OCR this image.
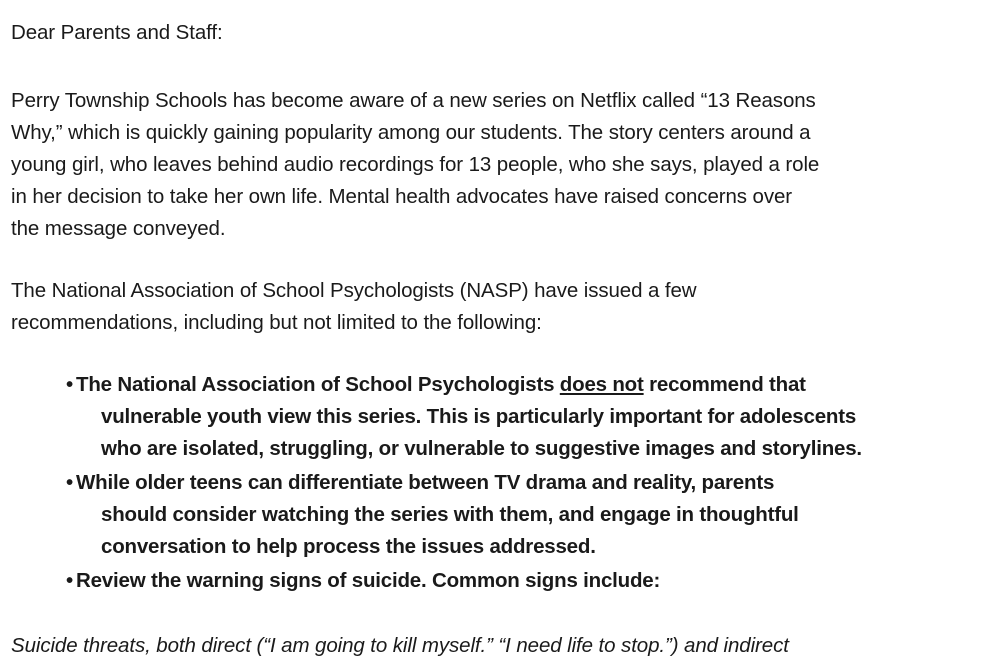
Dear Parents and Staff:
Perry Township Schools has become aware of a new series on Netflix called “13 Reasons
Why,” which is quickly gaining popularity among our students. The story centers around a
young girl, who leaves behind audio recordings for 13 people, who she says, played a role
in her decision to take her own life. Mental health advocates have raised concerns over
the message conveyed.
The National Association of School Psychologists (NASP) have issued a few
recommendations, including but not limited to the following:
• The National Association of School Psychologists does not recommend that
vulnerable youth view this series. This is particularly important for adolescents
who are isolated, struggling, or vulnerable to suggestive images and storylines.
• While older teens can differentiate between TV drama and reality, parents
should consider watching the series with them, and engage in thoughtful
conversation to help process the issues addressed.
• Review the warning signs of suicide. Common signs include:
Suicide threats, both direct (“I am going to kill myself.” “I need life to stop.”) and indirect
